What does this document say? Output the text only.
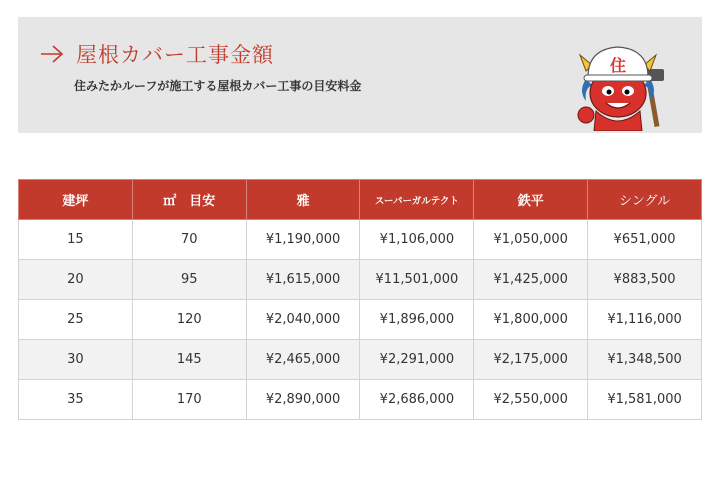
屋根カバー工事金額
住みたかルーフが施工する屋根カバー工事の目安料金
住
建坪	㎡　目安	雅	スーパーガルテクト	鉄平	シングル
15	70	¥1,190,000	¥1,106,000	¥1,050,000	¥651,000
20	95	¥1,615,000	¥11,501,000	¥1,425,000	¥883,500
25	120	¥2,040,000	¥1,896,000	¥1,800,000	¥1,116,000
30	145	¥2,465,000	¥2,291,000	¥2,175,000	¥1,348,500
35	170	¥2,890,000	¥2,686,000	¥2,550,000	¥1,581,000
